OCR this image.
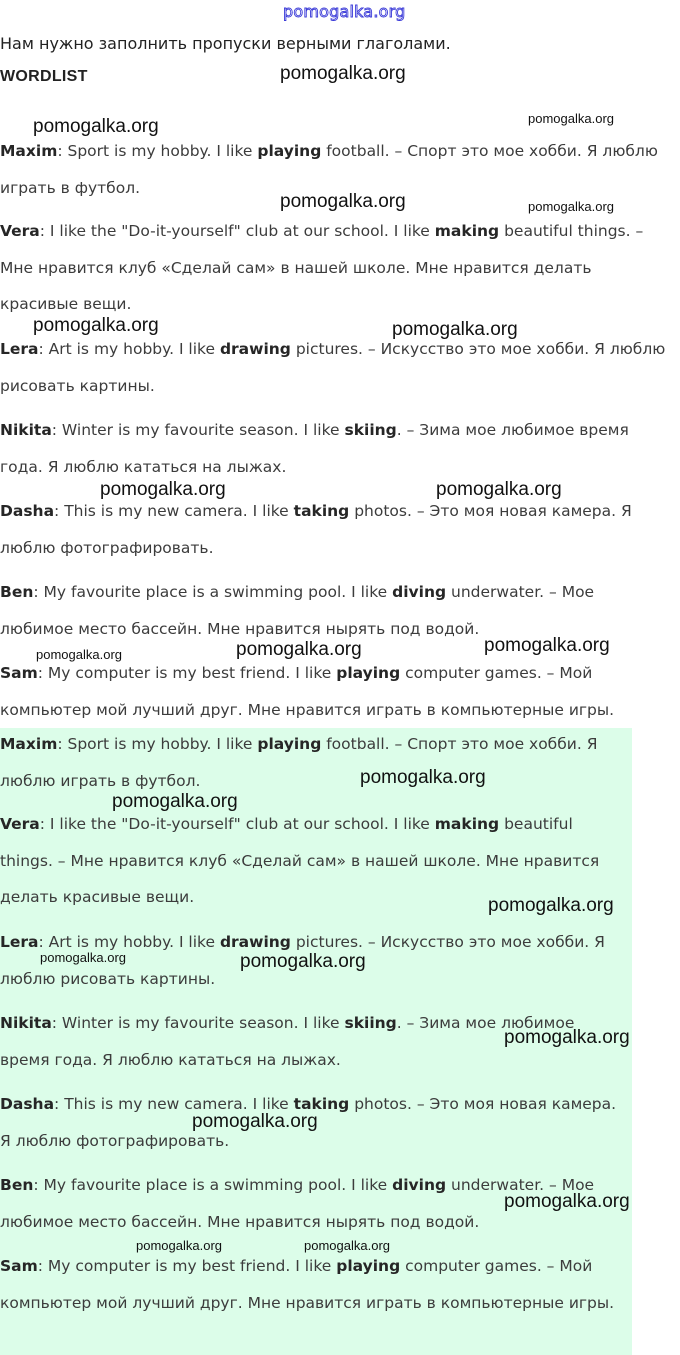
pomogalka.org
Нам нужно заполнить пропуски верными глаголами.
WORDLIST
Maxim: Sport is my hobby. I like playing football. – Спорт это мое хобби. Я люблю играть в футбол.
Vera: I like the "Do-it-yourself" club at our school. I like making beautiful things. – Мне нравится клуб «Сделай сам» в нашей школе. Мне нравится делать красивые вещи.
Lera: Art is my hobby. I like drawing pictures. – Искусство это мое хобби. Я люблю рисовать картины.
Nikita: Winter is my favourite season. I like skiing. – Зима мое любимое время года. Я люблю кататься на лыжах.
Dasha: This is my new camera. I like taking photos. – Это моя новая камера. Я люблю фотографировать.
Ben: My favourite place is a swimming pool. I like diving underwater. – Мое любимое место бассейн. Мне нравится нырять под водой.
Sam: My computer is my best friend. I like playing computer games. – Мой компьютер мой лучший друг. Мне нравится играть в компьютерные игры.
Maxim: Sport is my hobby. I like playing football. – Спорт это мое хобби. Я люблю играть в футбол.
Vera: I like the "Do-it-yourself" club at our school. I like making beautiful things. – Мне нравится клуб «Сделай сам» в нашей школе. Мне нравится делать красивые вещи.
Lera: Art is my hobby. I like drawing pictures. – Искусство это мое хобби. Я люблю рисовать картины.
Nikita: Winter is my favourite season. I like skiing. – Зима мое любимое время года. Я люблю кататься на лыжах.
Dasha: This is my new camera. I like taking photos. – Это моя новая камера. Я люблю фотографировать.
Ben: My favourite place is a swimming pool. I like diving underwater. – Мое любимое место бассейн. Мне нравится нырять под водой.
Sam: My computer is my best friend. I like playing computer games. – Мой компьютер мой лучший друг. Мне нравится играть в компьютерные игры.
pomogalka.org
pomogalka.org	pomogalka.org
pomogalka.org	pomogalka.org
pomogalka.org	pomogalka.org
pomogalka.org	pomogalka.org
pomogalka.org
pomogalka.org	pomogalka.org
pomogalka.org
pomogalka.org
pomogalka.org
pomogalka.org	pomogalka.org
pomogalka.org
pomogalka.org
pomogalka.org
pomogalka.org	pomogalka.org
